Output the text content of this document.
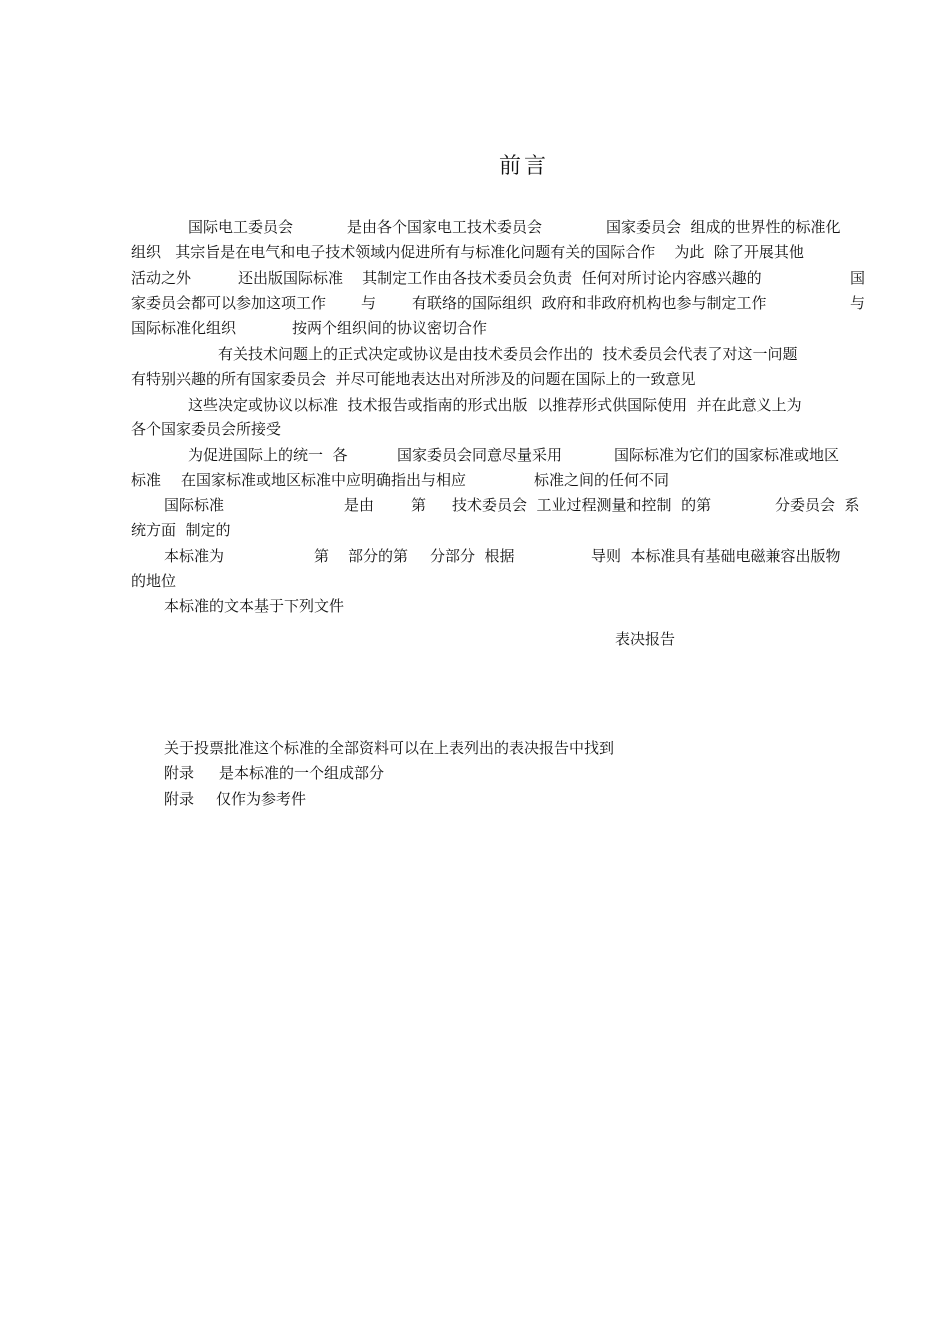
前言
国际电工委员会	是由各个国家电工技术委员会	国家委员会  组成的世界性的标准化
组织   其宗旨是在电气和电子技术领域内促进所有与标准化问题有关的国际合作    为此  除了开展其他
活动之外	还出版国际标准    其制定工作由各技术委员会负责  任何对所讨论内容感兴趣的	国
家委员会都可以参加这项工作 与 有联络的国际组织  政府和非政府机构也参与制定工作	与
国际标准化组织	按两个组织间的协议密切合作
有关技术问题上的正式决定或协议是由技术委员会作出的  技术委员会代表了对这一问题
有特别兴趣的所有国家委员会  并尽可能地表达出对所涉及的问题在国际上的一致意见
这些决定或协议以标准  技术报告或指南的形式出版  以推荐形式供国际使用  并在此意义上为
各个国家委员会所接受
为促进国际上的统一  各	国家委员会同意尽量采用	国际标准为它们的国家标准或地区
标准 在国家标准或地区标准中应明确指出与相应	标准之间的任何不同
国际标准	是由 第 技术委员会  工业过程测量和控制  的第	分委员会  系
统方面  制定的
本标准为	第 部分的第 分部分  根据	导则  本标准具有基础电磁兼容出版物
的地位
本标准的文本基于下列文件
表决报告
关于投票批准这个标准的全部资料可以在上表列出的表决报告中找到
附录 是本标准的一个组成部分
附录 仅作为参考件
